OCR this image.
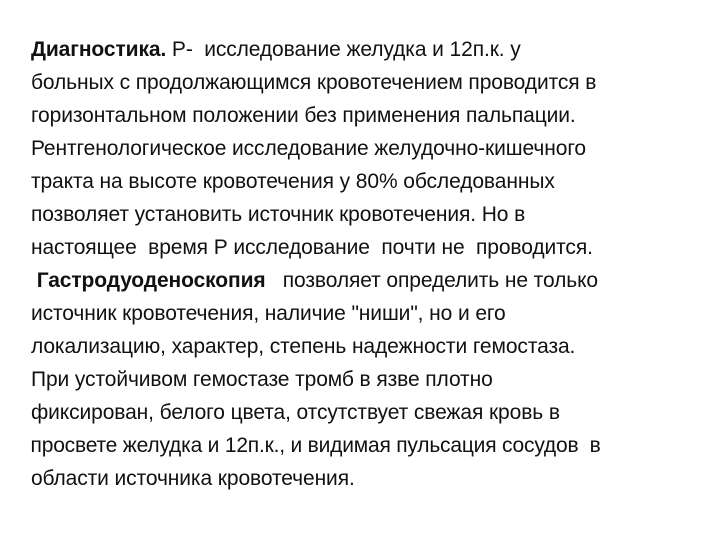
Диагностика. Р-  исследование желудка и 12п.к. у

больных с продолжающимся кровотечением проводится в

горизонтальном положении без применения пальпации.

Рентгенологическое исследование желудочно-кишечного

тракта на высоте кровотечения у 80% обследованных

позволяет установить источник кровотечения. Но в

настоящее  время Р исследование  почти не  проводится.

Гастродуоденоскопия   позволяет определить не только

источник кровотечения, наличие "ниши", но и его

локализацию, характер, степень надежности гемостаза.

При устойчивом гемостазе тромб в язве плотно

фиксирован, белого цвета, отсутствует свежая кровь в

просвете желудка и 12п.к., и видимая пульсация сосудов  в

области источника кровотечения.
